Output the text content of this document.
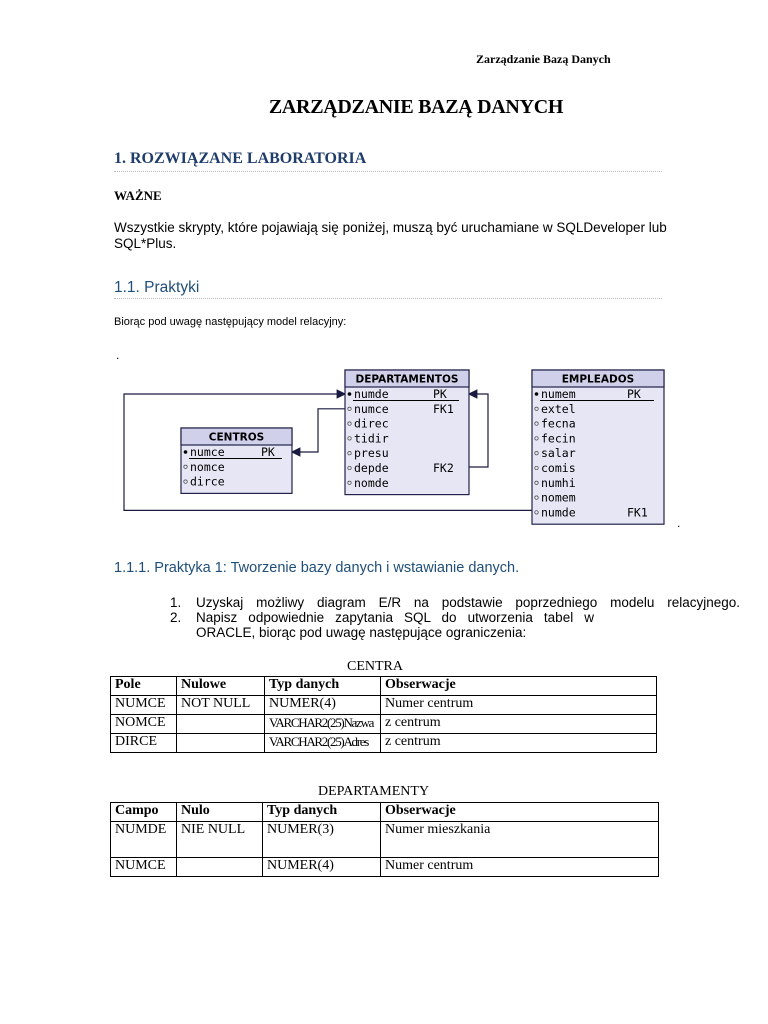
Zarządzanie Bazą Danych
ZARZĄDZANIE BAZĄ DANYCH
1. ROZWIĄZANE LABORATORIA
WAŻNE
Wszystkie skrypty, które pojawiają się poniżej, muszą być uruchamiane w SQLDeveloper lub SQL*Plus.
1.1. Praktyki
Biorąc pod uwagę następujący model relacyjny:
.
.
CENTROS
numce	PK
nomce
dirce
DEPARTAMENTOS
numde	PK
numce	FK1
direc
tidir
presu
depde	FK2
nomde
EMPLEADOS
numem	PK
extel
fecna
fecin
salar
comis
numhi
nomem
numde	FK1
1.1.1. Praktyka 1: Tworzenie bazy danych i wstawianie danych.
1. Uzyskaj możliwy diagram E/R na podstawie poprzedniego modelu relacyjnego.
2. Napisz odpowiednie zapytania SQL do utworzenia tabel w
ORACLE, biorąc pod uwagę następujące ograniczenia:
CENTRA
Pole	Nulowe	Typ danych	Obserwacje
NUMCE	NOT NULL	NUMER(4)	Numer centrum
NOMCE		VARCHAR2(25)Nazwa	z centrum
DIRCE		VARCHAR2(25)Adres	z centrum
DEPARTAMENTY
Campo	Nulo	Typ danych	Obserwacje
NUMDE	NIE NULL	NUMER(3)	Numer mieszkania
NUMCE		NUMER(4)	Numer centrum
